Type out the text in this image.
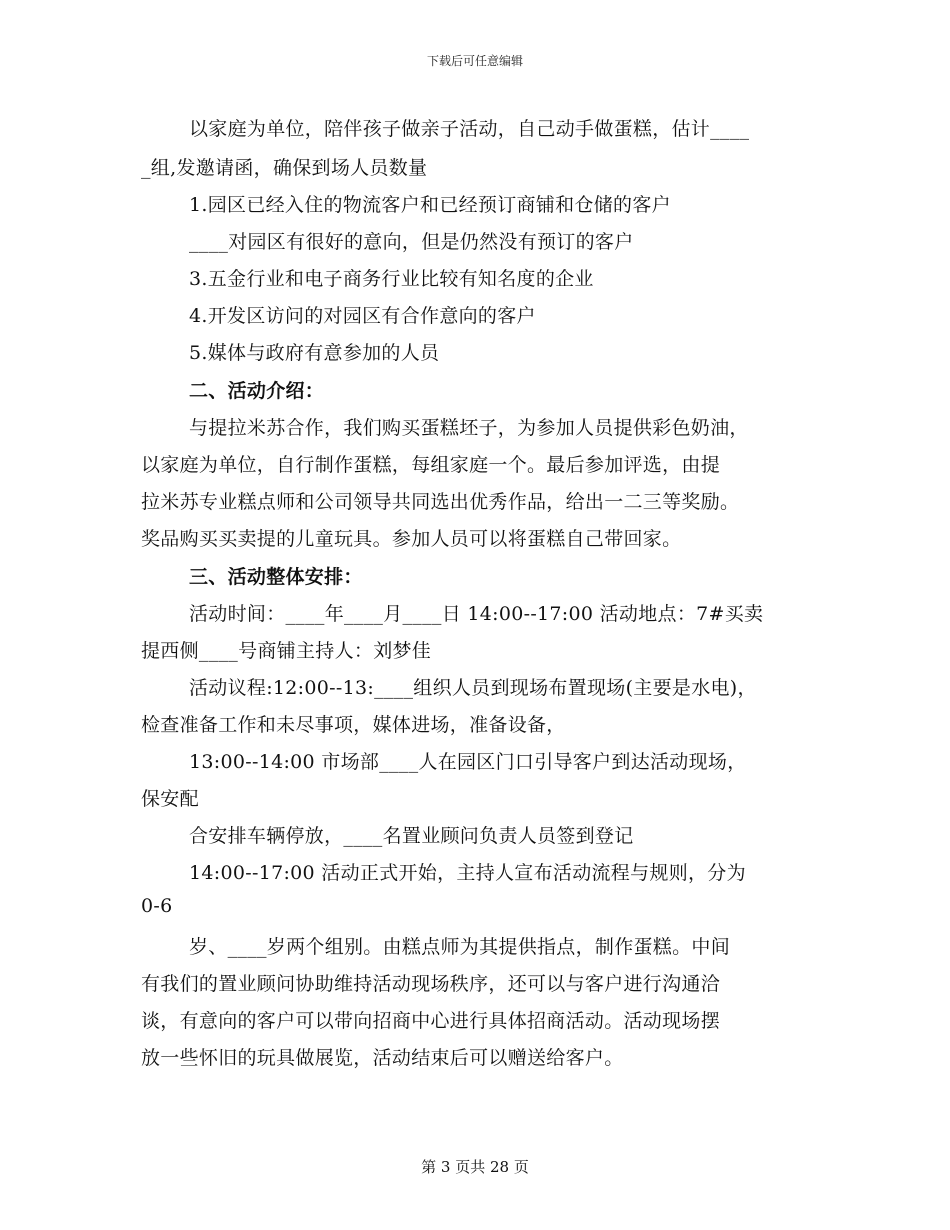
下载后可任意编辑
以家庭为单位，陪伴孩子做亲子活动，自己动手做蛋糕，估计____
_组,发邀请函，确保到场人员数量
1.园区已经入住的物流客户和已经预订商铺和仓储的客户
____对园区有很好的意向，但是仍然没有预订的客户
3.五金行业和电子商务行业比较有知名度的企业
4.开发区访问的对园区有合作意向的客户
5.媒体与政府有意参加的人员
二、活动介绍：
与提拉米苏合作，我们购买蛋糕坯子，为参加人员提供彩色奶油，
以家庭为单位，自行制作蛋糕，每组家庭一个。最后参加评选，由提
拉米苏专业糕点师和公司领导共同选出优秀作品，给出一二三等奖励。
奖品购买买卖提的儿童玩具。参加人员可以将蛋糕自己带回家。
三、活动整体安排：
活动时间：____年____月____日 14:00--17:00 活动地点：7#买卖
提西侧____号商铺主持人：刘梦佳
活动议程:12:00--13:____组织人员到现场布置现场(主要是水电)，
检查准备工作和未尽事项，媒体进场，准备设备，
13:00--14:00 市场部____人在园区门口引导客户到达活动现场，
保安配
合安排车辆停放，____名置业顾问负责人员签到登记
14:00--17:00 活动正式开始，主持人宣布活动流程与规则，分为
0-6
岁、____岁两个组别。由糕点师为其提供指点，制作蛋糕。中间
有我们的置业顾问协助维持活动现场秩序，还可以与客户进行沟通洽
谈，有意向的客户可以带向招商中心进行具体招商活动。活动现场摆
放一些怀旧的玩具做展览，活动结束后可以赠送给客户。
第 3 页共 28 页
